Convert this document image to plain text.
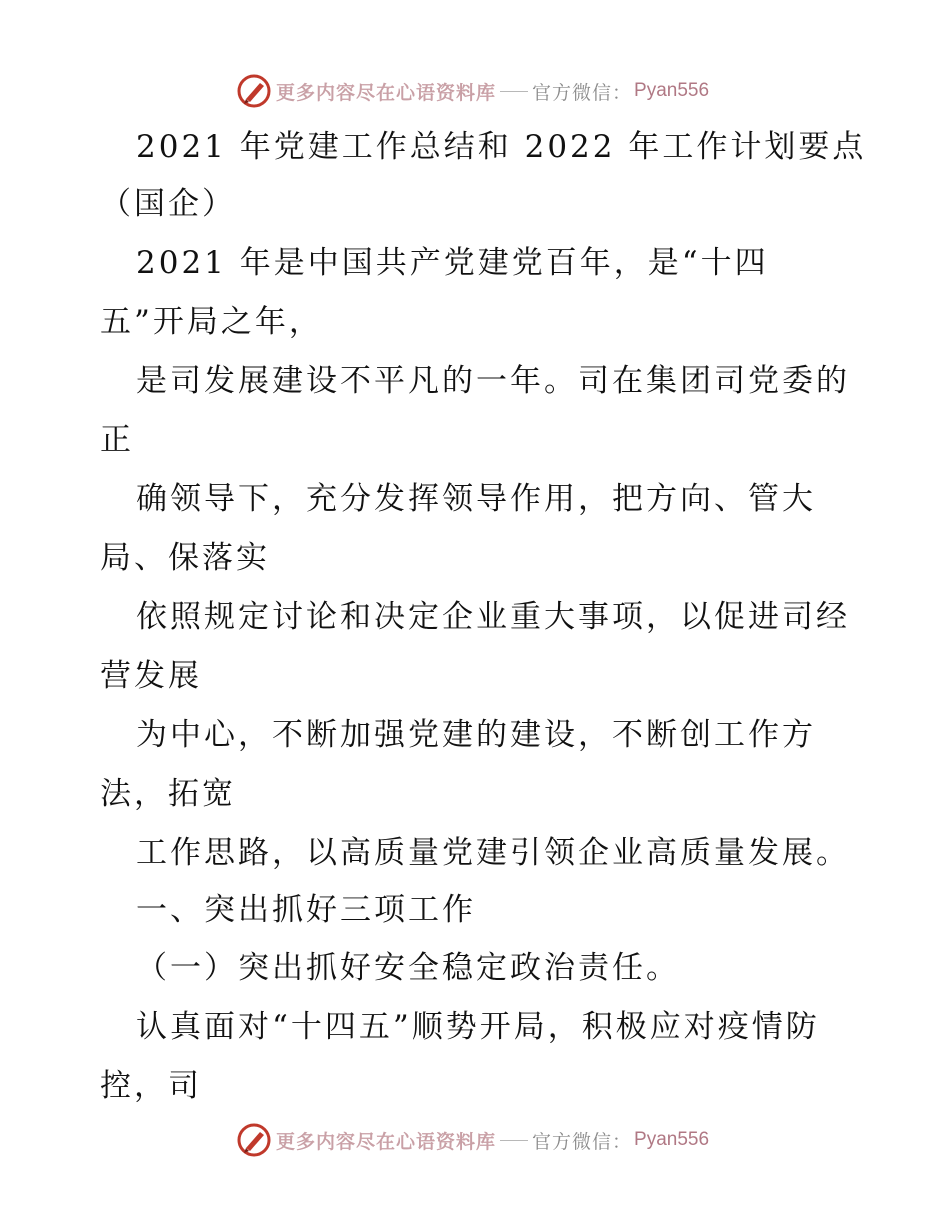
更多内容尽在心语资料库 官方微信： Pyan556
2021 年党建工作总结和 2022 年工作计划要点
（国企）
2021 年是中国共产党建党百年，是“十四
五”开局之年，
是司发展建设不平凡的一年。司在集团司党委的
正
确领导下，充分发挥领导作用，把方向、管大
局、保落实
依照规定讨论和决定企业重大事项，以促进司经
营发展
为中心，不断加强党建的建设，不断创工作方
法，拓宽
工作思路，以高质量党建引领企业高质量发展。
一、突出抓好三项工作
（一）突出抓好安全稳定政治责任。
认真面对“十四五”顺势开局，积极应对疫情防
控，司
更多内容尽在心语资料库 官方微信： Pyan556
